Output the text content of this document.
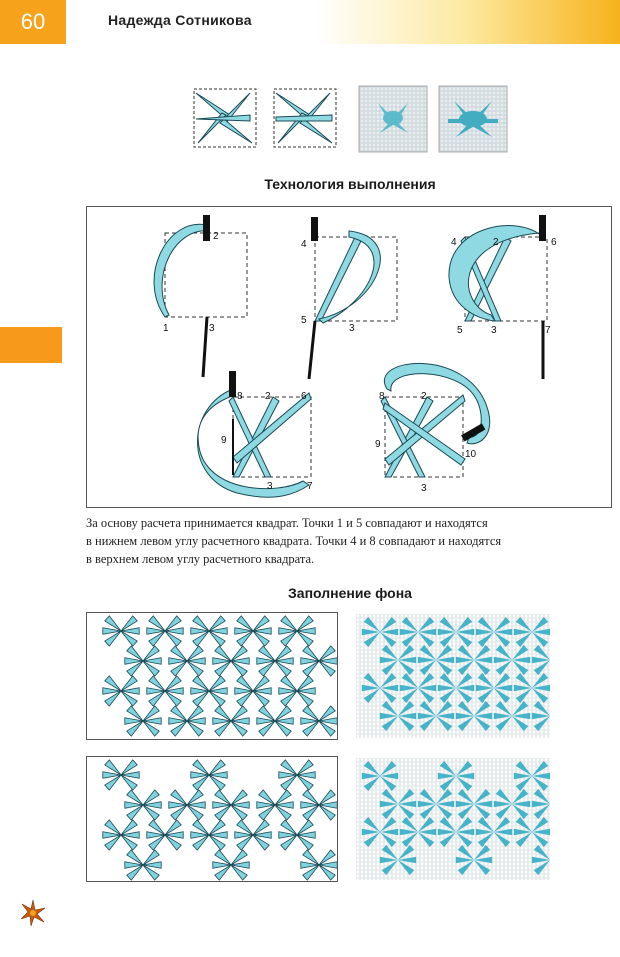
60	Надежда Сотникова
Технология выполнения
2
1	3
4
5
3
4	2	6
5	3	7
8 2	6
9
3	7
8	2
9
10
3
За основу расчета принимается квадрат. Точки 1 и 5 совпадают и находятся
в нижнем левом углу расчетного квадрата. Точки 4 и 8 совпадают и находятся
в верхнем левом углу расчетного квадрата.
Заполнение фона
